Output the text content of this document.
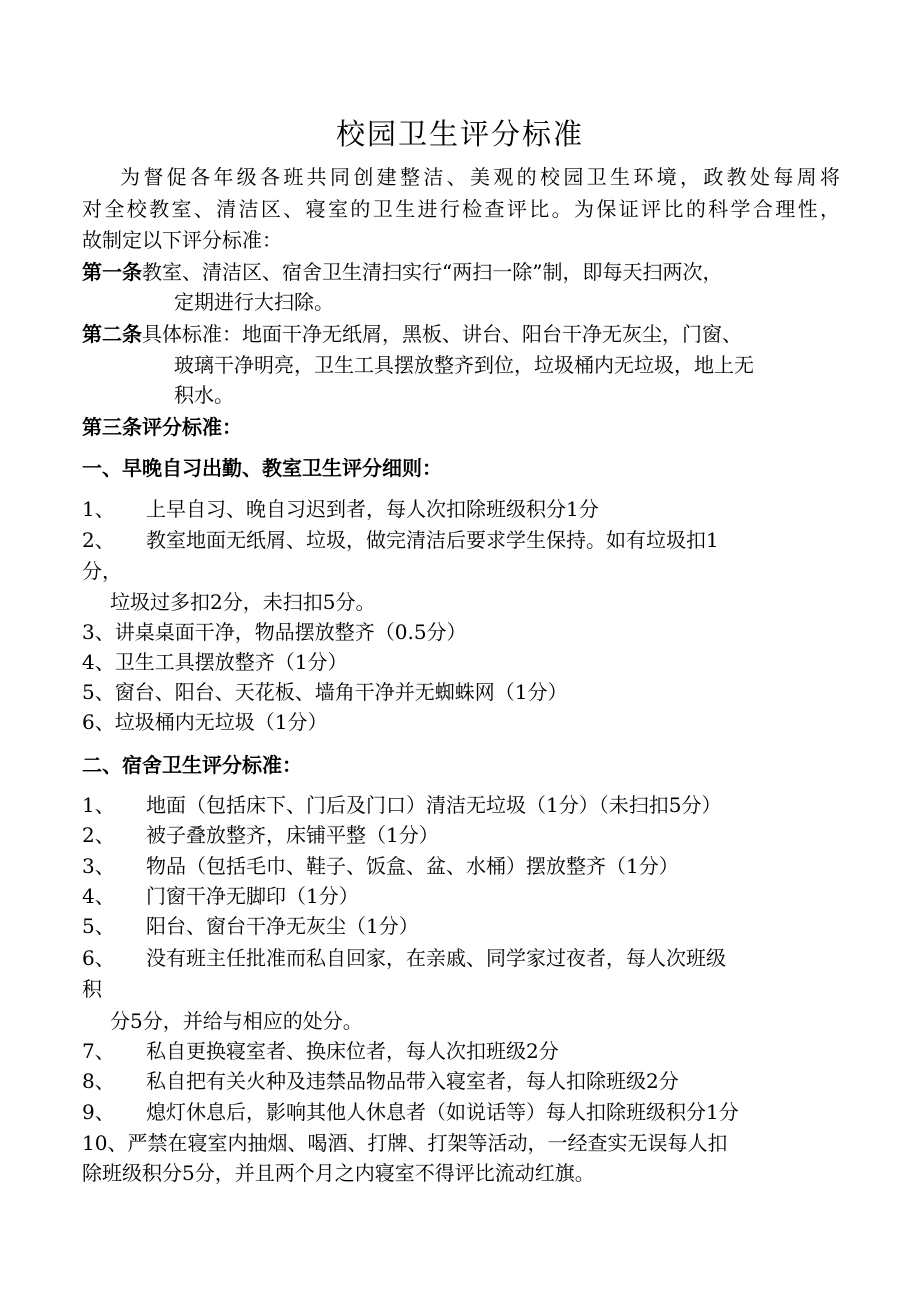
校园卫生评分标准
为督促各年级各班共同创建整洁、美观的校园卫生环境，政教处每周将
对全校教室、清洁区、寝室的卫生进行检查评比。为保证评比的科学合理性，
故制定以下评分标准：
第一条教室、清洁区、宿舍卫生清扫实行“两扫一除”制，即每天扫两次，
定期进行大扫除。
第二条具体标准：地面干净无纸屑，黑板、讲台、阳台干净无灰尘，门窗、
玻璃干净明亮，卫生工具摆放整齐到位，垃圾桶内无垃圾，地上无
积水。
第三条评分标准：
一、早晚自习出勤、教室卫生评分细则：
1、 上早自习、晚自习迟到者，每人次扣除班级积分1分
2、 教室地面无纸屑、垃圾，做完清洁后要求学生保持。如有垃圾扣1
分，
垃圾过多扣2分，未扫扣5分。
3、讲桌桌面干净，物品摆放整齐（0.5分）
4、卫生工具摆放整齐（1分）
5、窗台、阳台、天花板、墙角干净并无蜘蛛网（1分）
6、垃圾桶内无垃圾（1分）
二、宿舍卫生评分标准：
1、 地面（包括床下、门后及门口）清洁无垃圾（1分）（未扫扣5分）
2、 被子叠放整齐，床铺平整（1分）
3、 物品（包括毛巾、鞋子、饭盒、盆、水桶）摆放整齐（1分）
4、 门窗干净无脚印（1分）
5、 阳台、窗台干净无灰尘（1分）
6、 没有班主任批准而私自回家，在亲戚、同学家过夜者，每人次班级
积
分5分，并给与相应的处分。
7、 私自更换寝室者、换床位者，每人次扣班级2分
8、 私自把有关火种及违禁品物品带入寝室者，每人扣除班级2分
9、 熄灯休息后，影响其他人休息者（如说话等）每人扣除班级积分1分
10、严禁在寝室内抽烟、喝酒、打牌、打架等活动，一经查实无误每人扣
除班级积分5分，并且两个月之内寝室不得评比流动红旗。
